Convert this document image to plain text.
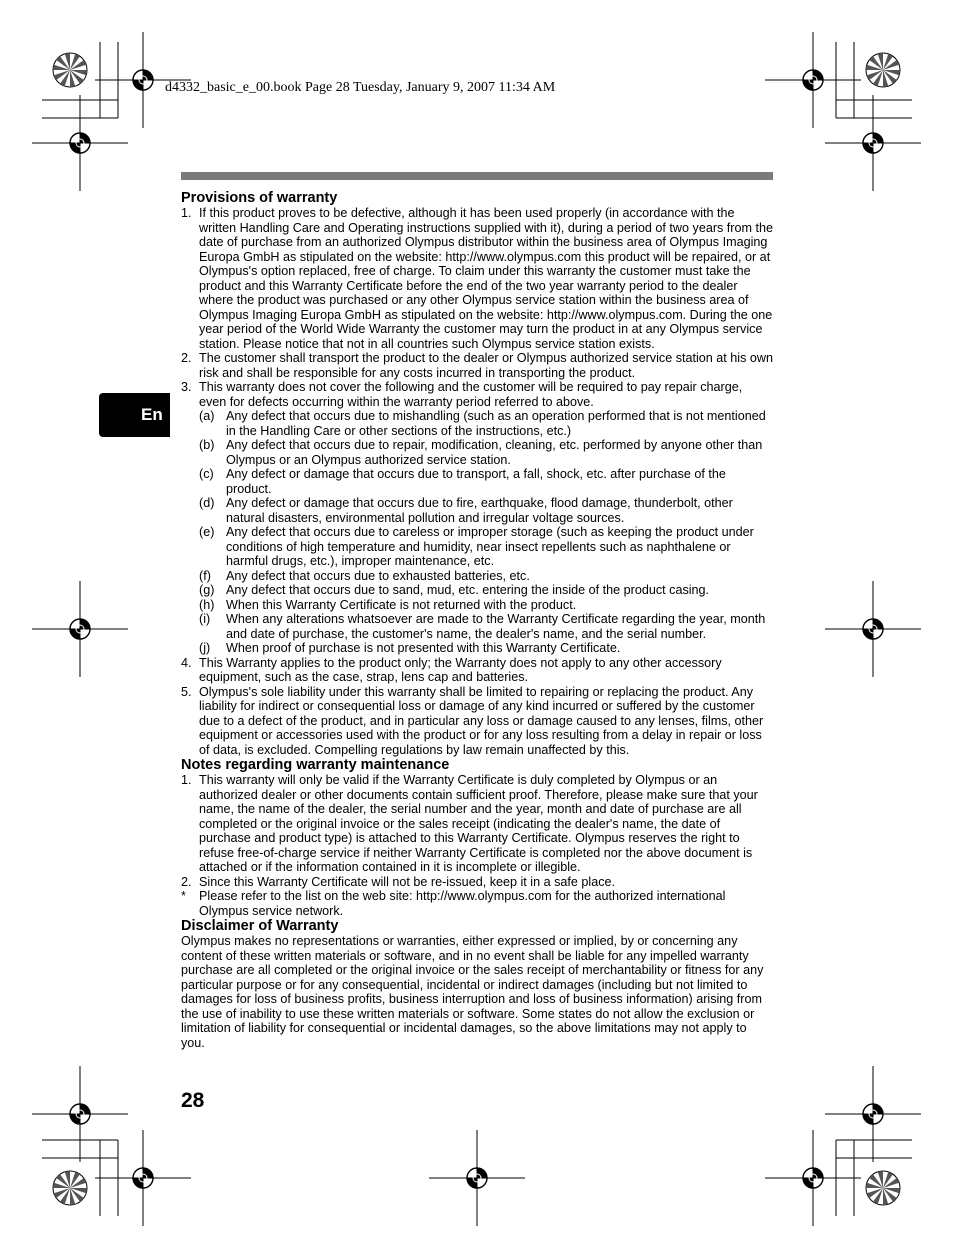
d4332_basic_e_00.book Page 28 Tuesday, January 9, 2007 11:34 AM
En
Provisions of warranty
1. If this product proves to be defective, although it has been used properly (in accordance with the written Handling Care and Operating instructions supplied with it), during a period of two years from the date of purchase from an authorized Olympus distributor within the business area of Olympus Imaging Europa GmbH as stipulated on the website: http://www.olympus.com this product will be repaired, or at Olympus's option replaced, free of charge. To claim under this warranty the customer must take the product and this Warranty Certificate before the end of the two year warranty period to the dealer where the product was purchased or any other Olympus service station within the business area of Olympus Imaging Europa GmbH as stipulated on the website: http://www.olympus.com. During the one year period of the World Wide Warranty the customer may turn the product in at any Olympus service station. Please notice that not in all countries such Olympus service station exists.
2. The customer shall transport the product to the dealer or Olympus authorized service station at his own risk and shall be responsible for any costs incurred in transporting the product.
3. This warranty does not cover the following and the customer will be required to pay repair charge, even for defects occurring within the warranty period referred to above.
(a) Any defect that occurs due to mishandling (such as an operation performed that is not mentioned in the Handling Care or other sections of the instructions, etc.)
(b) Any defect that occurs due to repair, modification, cleaning, etc. performed by anyone other than Olympus or an Olympus authorized service station.
(c) Any defect or damage that occurs due to transport, a fall, shock, etc. after purchase of the product.
(d) Any defect or damage that occurs due to fire, earthquake, flood damage, thunderbolt, other natural disasters, environmental pollution and irregular voltage sources.
(e) Any defect that occurs due to careless or improper storage (such as keeping the product under conditions of high temperature and humidity, near insect repellents such as naphthalene or harmful drugs, etc.), improper maintenance, etc.
(f) Any defect that occurs due to exhausted batteries, etc.
(g) Any defect that occurs due to sand, mud, etc. entering the inside of the product casing.
(h) When this Warranty Certificate is not returned with the product.
(i) When any alterations whatsoever are made to the Warranty Certificate regarding the year, month and date of purchase, the customer's name, the dealer's name, and the serial number.
(j) When proof of purchase is not presented with this Warranty Certificate.
4. This Warranty applies to the product only; the Warranty does not apply to any other accessory equipment, such as the case, strap, lens cap and batteries.
5. Olympus's sole liability under this warranty shall be limited to repairing or replacing the product. Any liability for indirect or consequential loss or damage of any kind incurred or suffered by the customer due to a defect of the product, and in particular any loss or damage caused to any lenses, films, other equipment or accessories used with the product or for any loss resulting from a delay in repair or loss of data, is excluded. Compelling regulations by law remain unaffected by this.
Notes regarding warranty maintenance
1. This warranty will only be valid if the Warranty Certificate is duly completed by Olympus or an authorized dealer or other documents contain sufficient proof. Therefore, please make sure that your name, the name of the dealer, the serial number and the year, month and date of purchase are all completed or the original invoice or the sales receipt (indicating the dealer's name, the date of purchase and product type) is attached to this Warranty Certificate. Olympus reserves the right to refuse free-of-charge service if neither Warranty Certificate is completed nor the above document is attached or if the information contained in it is incomplete or illegible.
2. Since this Warranty Certificate will not be re-issued, keep it in a safe place.
* Please refer to the list on the web site: http://www.olympus.com for the authorized international Olympus service network.
Disclaimer of Warranty

Olympus makes no representations or warranties, either expressed or implied, by or concerning any content of these written materials or software, and in no event shall be liable for any impelled warranty purchase are all completed or the original invoice or the sales receipt of merchantability or fitness for any particular purpose or for any consequential, incidental or indirect damages (including but not limited to damages for loss of business profits, business interruption and loss of business information) arising from the use of inability to use these written materials or software. Some states do not allow the exclusion or limitation of liability for consequential or incidental damages, so the above limitations may not apply to you.

28
